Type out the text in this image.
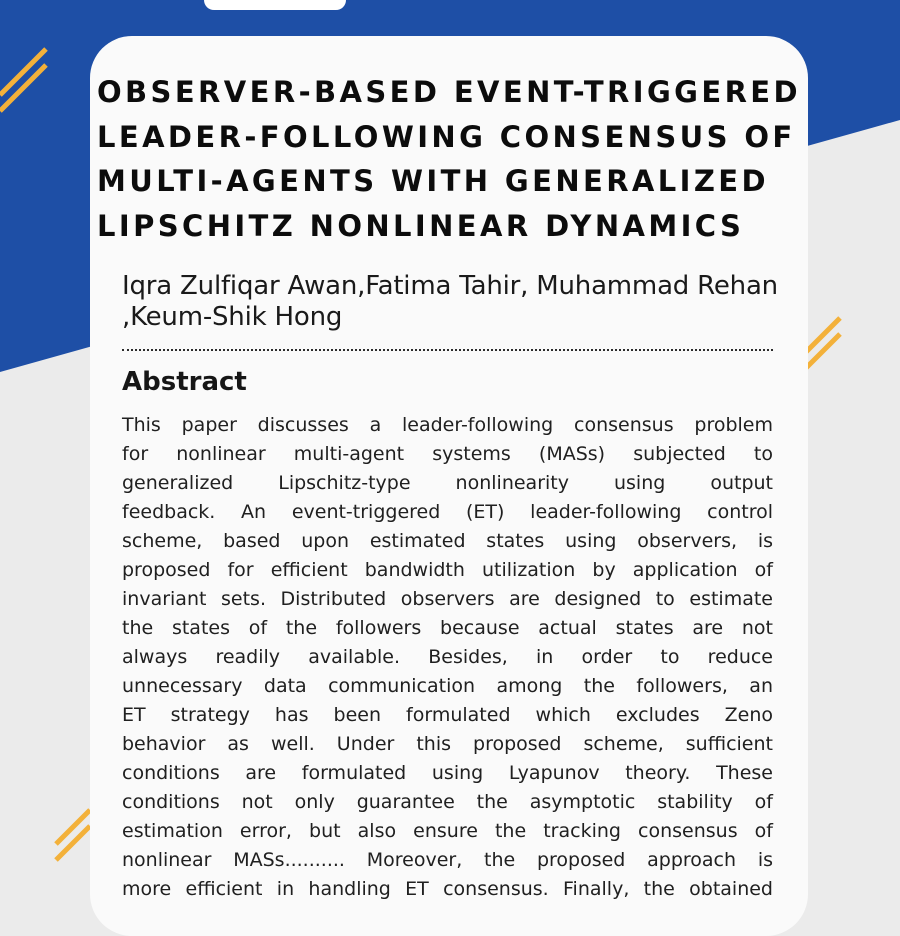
OBSERVER-BASED EVENT-TRIGGERED
LEADER-FOLLOWING CONSENSUS OF
MULTI-AGENTS WITH GENERALIZED
LIPSCHITZ NONLINEAR DYNAMICS

Iqra Zulfiqar Awan,Fatima Tahir, Muhammad Rehan ,Keum-Shik Hong

Abstract

This paper discusses a leader-following consensus problem
for nonlinear multi-agent systems (MASs) subjected to
generalized Lipschitz-type nonlinearity using output
feedback. An event-triggered (ET) leader-following control
scheme, based upon estimated states using observers, is
proposed for efficient bandwidth utilization by application of
invariant sets. Distributed observers are designed to estimate
the states of the followers because actual states are not
always readily available. Besides, in order to reduce
unnecessary data communication among the followers, an
ET strategy has been formulated which excludes Zeno
behavior as well. Under this proposed scheme, sufficient
conditions are formulated using Lyapunov theory. These
conditions not only guarantee the asymptotic stability of
estimation error, but also ensure the tracking consensus of
nonlinear MASs.......... Moreover, the proposed approach is
more efficient in handling ET consensus. Finally, the obtained
